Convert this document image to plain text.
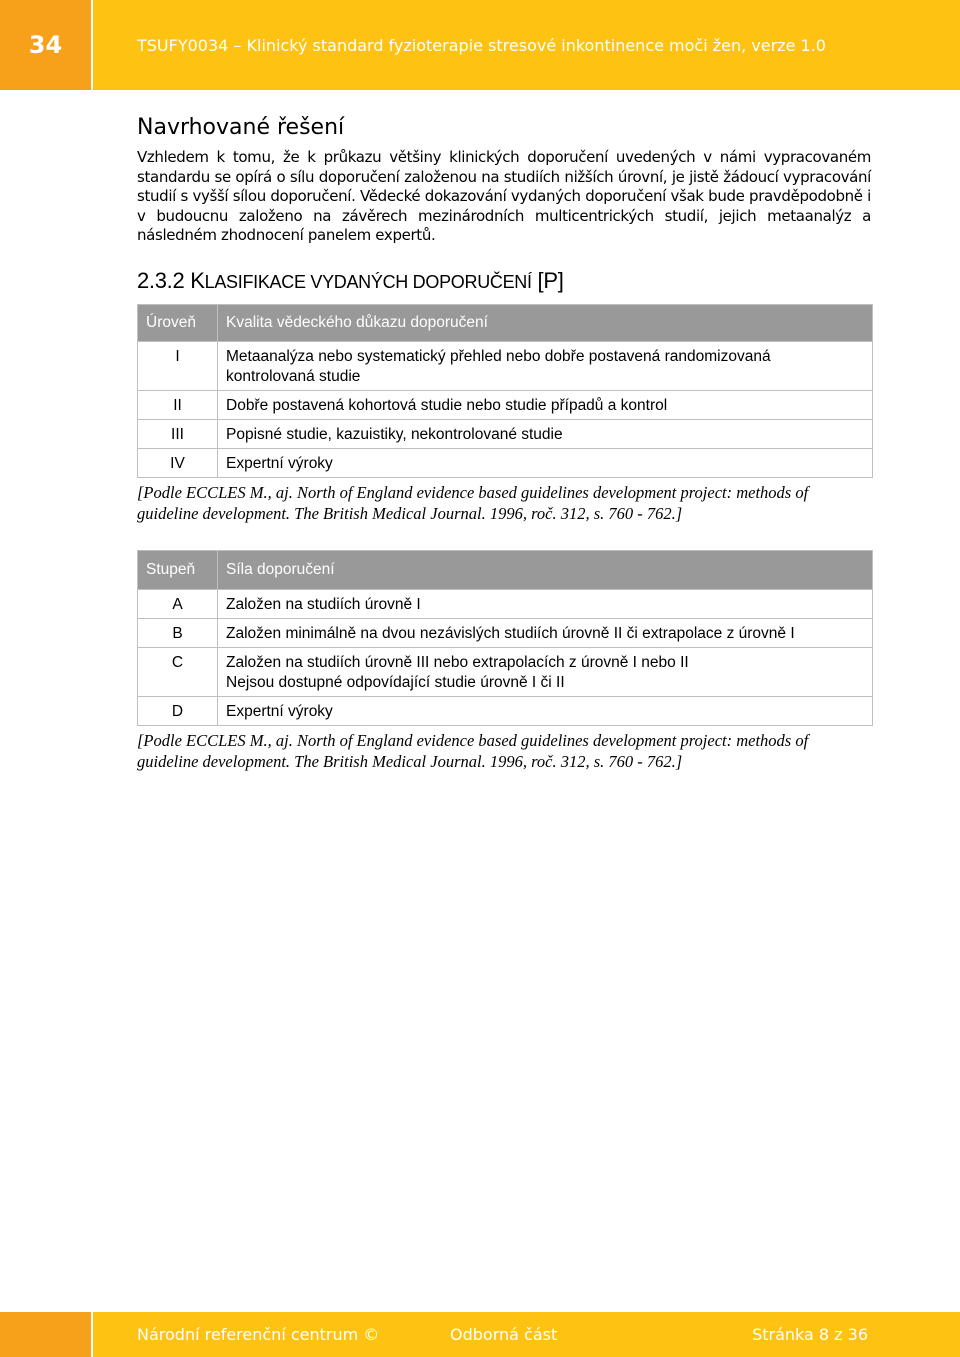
34	TSUFY0034 – Klinický standard fyzioterapie stresové inkontinence moči žen, verze 1.0
Navrhované řešení

Vzhledem k tomu, že k průkazu většiny klinických doporučení uvedených v námi vypracovaném standardu se opírá o sílu doporučení založenou na studiích nižších úrovní, je jistě žádoucí vypracování studií s vyšší sílou doporučení. Vědecké dokazování vydaných doporučení však bude pravděpodobně i v budoucnu založeno na závěrech mezinárodních multicentrických studií, jejich metaanalýz a následném zhodnocení panelem expertů.

2.3.2 KLASIFIKACE VYDANÝCH DOPORUČENÍ [P]
Úroveň	Kvalita vědeckého důkazu doporučení
I	Metaanalýza nebo systematický přehled nebo dobře postavená randomizovaná kontrolovaná studie
II	Dobře postavená kohortová studie nebo studie případů a kontrol
III	Popisné studie, kazuistiky, nekontrolované studie
IV	Expertní výroky
[Podle ECCLES M., aj. North of England evidence based guidelines development project: methods of guideline development. The British Medical Journal. 1996, roč. 312, s. 760 - 762.]
Stupeň	Síla doporučení
A	Založen na studiích úrovně I
B	Založen minimálně na dvou nezávislých studiích úrovně II či extrapolace z úrovně I
C	Založen na studiích úrovně III nebo extrapolacích z úrovně I nebo II
Nejsou dostupné odpovídající studie úrovně I či II

D	Expertní výroky
[Podle ECCLES M., aj. North of England evidence based guidelines development project: methods of guideline development. The British Medical Journal. 1996, roč. 312, s. 760 - 762.]
Národní referenční centrum ©	Odborná část	Stránka 8 z 36
